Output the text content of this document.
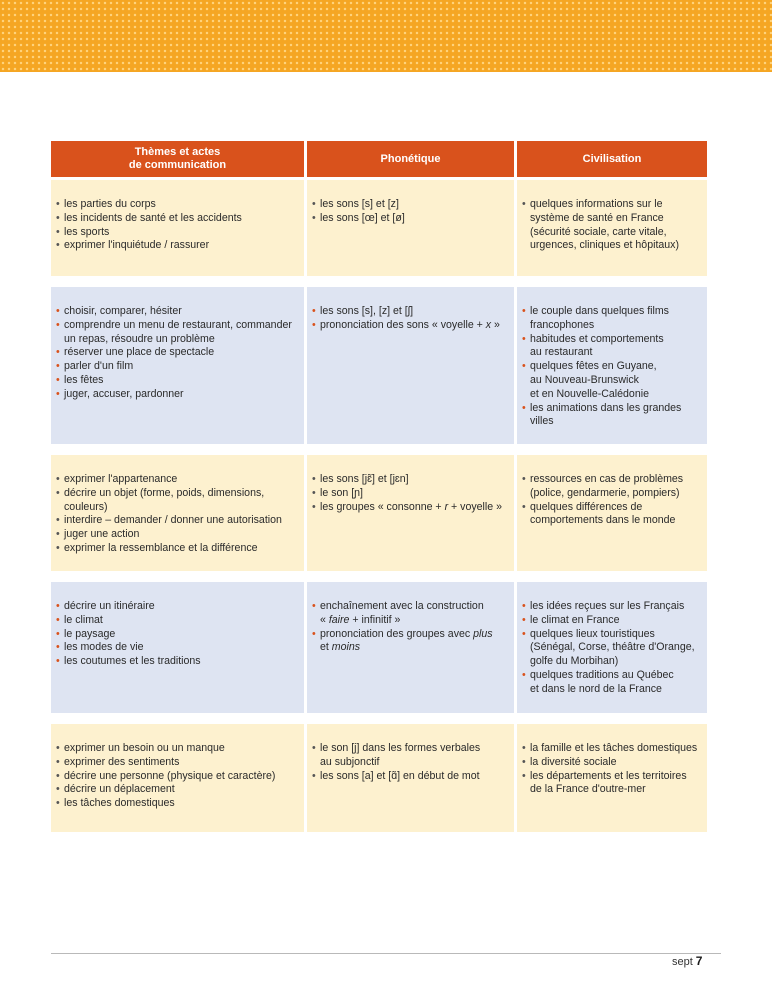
Thèmes et actes
de communication
Phonétique	Civilisation
• les parties du corps
• les incidents de santé et les accidents
• les sports
• exprimer l'inquiétude / rassurer
• les sons [s] et [z]
• les sons [œ] et [ø]
• quelques informations sur le
système de santé en France
(sécurité sociale, carte vitale,
urgences, cliniques et hôpitaux)
• choisir, comparer, hésiter
• comprendre un menu de restaurant, commander
un repas, résoudre un problème
• réserver une place de spectacle
• parler d'un film
• les fêtes
• juger, accuser, pardonner
• les sons [s], [z] et [ʃ]
• prononciation des sons « voyelle + x »
• le couple dans quelques films
francophones
• habitudes et comportements
au restaurant
• quelques fêtes en Guyane,
au Nouveau-Brunswick
et en Nouvelle-Calédonie
• les animations dans les grandes
villes
• exprimer l'appartenance
• décrire un objet (forme, poids, dimensions,
couleurs)
• interdire – demander / donner une autorisation
• juger une action
• exprimer la ressemblance et la différence
• les sons [jɛ̃] et [jɛn]
• le son [ɲ]
• les groupes « consonne + r + voyelle »
• ressources en cas de problèmes
(police, gendarmerie, pompiers)
• quelques différences de
comportements dans le monde
• décrire un itinéraire
• le climat
• le paysage
• les modes de vie
• les coutumes et les traditions
• enchaînement avec la construction
« faire + infinitif »
• prononciation des groupes avec plus
et moins
• les idées reçues sur les Français
• le climat en France
• quelques lieux touristiques
(Sénégal, Corse, théâtre d'Orange,
golfe du Morbihan)
• quelques traditions au Québec
et dans le nord de la France
• exprimer un besoin ou un manque
• exprimer des sentiments
• décrire une personne (physique et caractère)
• décrire un déplacement
• les tâches domestiques
• le son [j] dans les formes verbales
au subjonctif
• les sons [a] et [ɑ̃] en début de mot
• la famille et les tâches domestiques
• la diversité sociale
• les départements et les territoires
de la France d'outre-mer
sept 7
